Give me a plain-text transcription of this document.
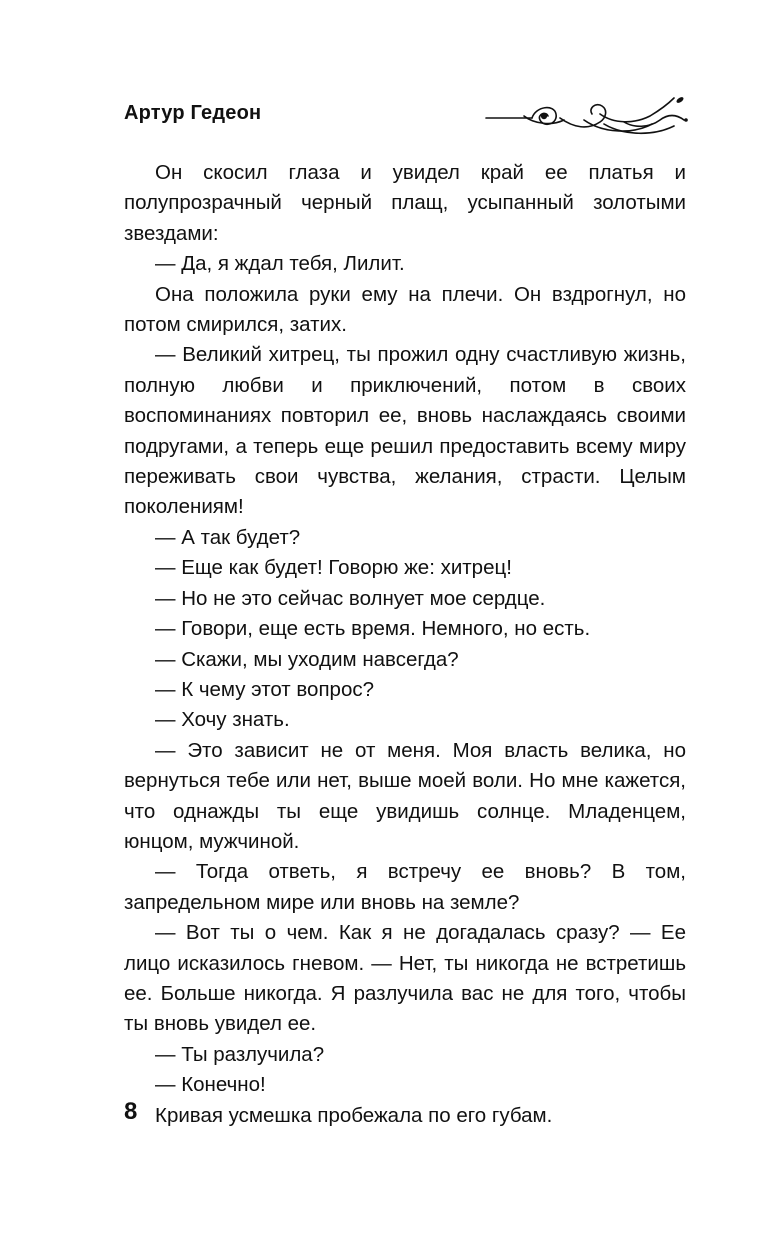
Артур Гедеон

Он скосил глаза и увидел край ее платья и полупрозрачный черный плащ, усыпанный золотыми звездами:

— Да, я ждал тебя, Лилит.

Она положила руки ему на плечи. Он вздрогнул, но потом смирился, затих.

— Великий хитрец, ты прожил одну счастливую жизнь, полную любви и приключений, потом в своих воспоминаниях повторил ее, вновь наслаждаясь своими подругами, а теперь еще решил предоставить всему миру переживать свои чувства, желания, страсти. Целым поколениям!

— А так будет?

— Еще как будет! Говорю же: хитрец!

— Но не это сейчас волнует мое сердце.

— Говори, еще есть время. Немного, но есть.

— Скажи, мы уходим навсегда?

— К чему этот вопрос?

— Хочу знать.

— Это зависит не от меня. Моя власть велика, но вернуться тебе или нет, выше моей воли. Но мне кажется, что однажды ты еще увидишь солнце. Младенцем, юнцом, мужчиной.

— Тогда ответь, я встречу ее вновь? В том, запредельном мире или вновь на земле?

— Вот ты о чем. Как я не догадалась сразу? — Ее лицо исказилось гневом. — Нет, ты никогда не встретишь ее. Больше никогда. Я разлучила вас не для того, чтобы ты вновь увидел ее.

— Ты разлучила?

— Конечно!

Кривая усмешка пробежала по его губам.

8
